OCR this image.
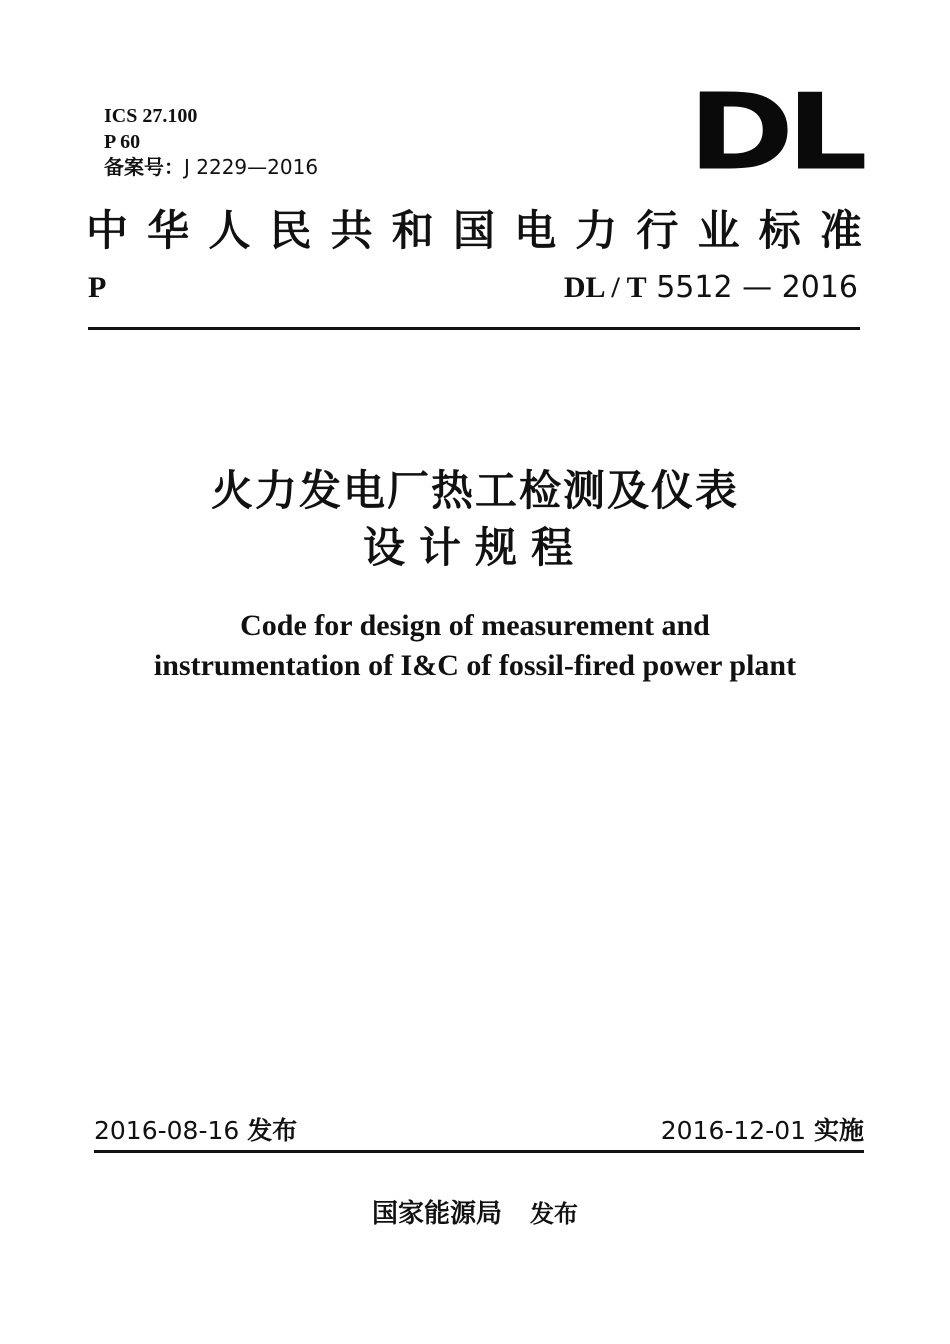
ICS 27.100
P 60
备案号：J 2229—2016	DL
中 华 人 民 共 和 国 电 力 行 业 标 准
P	DL / T 5512 — 2016
火力发电厂热工检测及仪表
设计规程
Code for design of measurement and
instrumentation of I&C of fossil-fired power plant
2016-08-16 发布	2016-12-01 实施
国家能源局 发布
